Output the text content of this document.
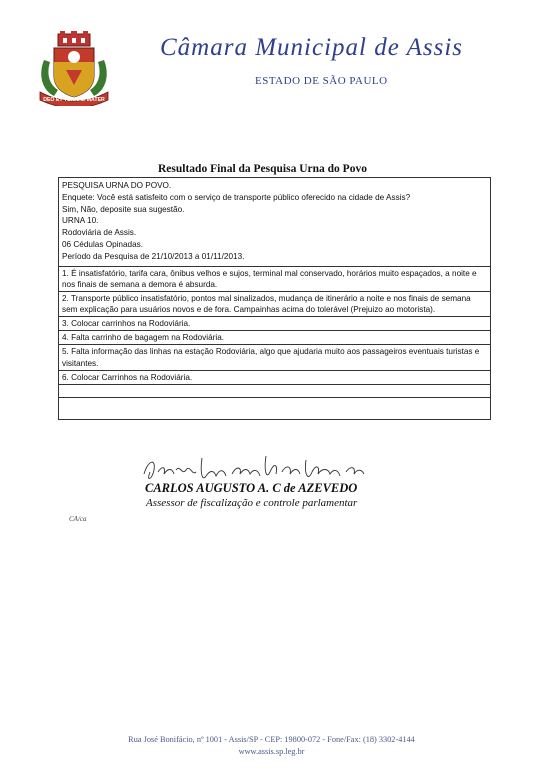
DEO ET TERRAE MATER
Câmara Municipal de Assis
ESTADO DE SÃO PAULO
Resultado Final da Pesquisa Urna do Povo
PESQUISA URNA DO POVO.
Enquete: Você está satisfeito com o serviço de transporte público oferecido na cidade de Assis?
Sim, Não, deposite sua sugestão.
URNA 10.
Rodoviária de Assis.
06 Cédulas Opinadas.
Período da Pesquisa de 21/10/2013 a 01/11/2013.
1. É insatisfatório, tarifa cara, ônibus velhos e sujos, terminal mal conservado, horários muito espaçados, a noite e nos finais de semana a demora é absurda.
2. Transporte público insatisfatório, pontos mal sinalizados, mudança de itinerário a noite e nos finais de semana sem explicação para usuários novos e de fora. Campainhas acima do tolerável (Prejuizo ao motorista).
3. Colocar carrinhos na Rodoviária.
4. Falta carrinho de bagagem na Rodoviária.
5. Falta informação das linhas na estação Rodoviária, algo que ajudaria muito aos passageiros eventuais turistas e visitantes.
6. Colocar Carrinhos na Rodoviária.
CARLOS AUGUSTO A. C de AZEVEDO
Assessor de fiscalização e controle parlamentar
CA/ca
Rua José Bonifácio, nº 1001 - Assis/SP - CEP: 19800-072 - Fone/Fax: (18) 3302-4144
www.assis.sp.leg.br
